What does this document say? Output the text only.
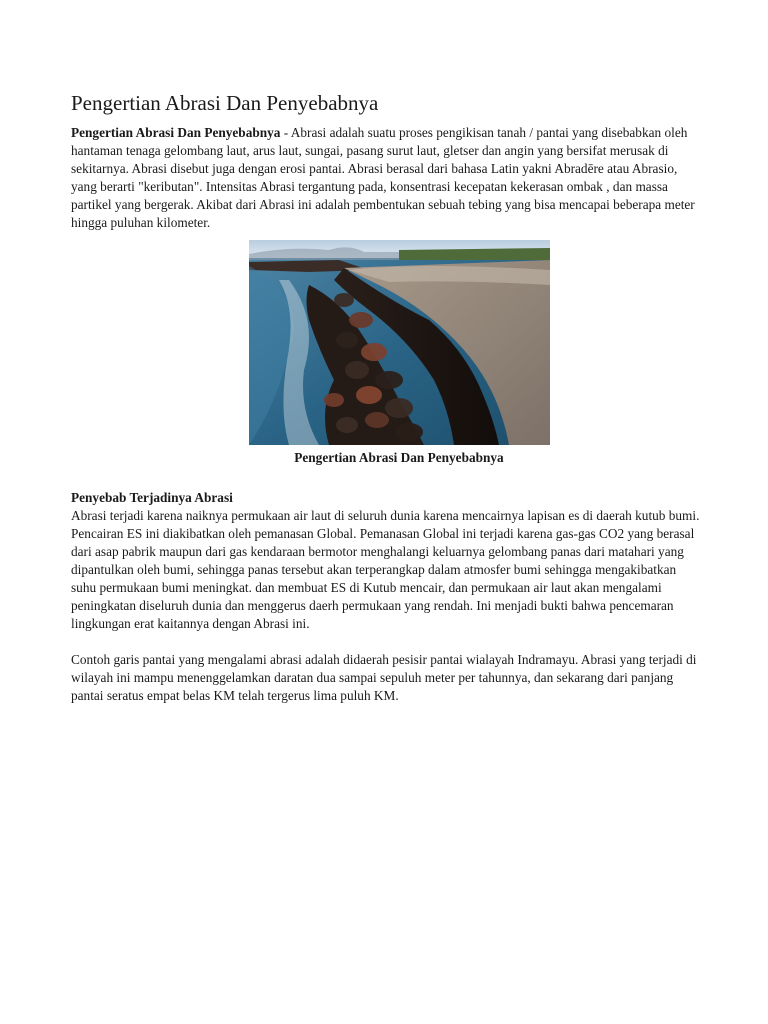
Pengertian Abrasi Dan Penyebabnya

Pengertian Abrasi Dan Penyebabnya - Abrasi adalah suatu proses pengikisan tanah / pantai yang disebabkan oleh hantaman tenaga gelombang laut, arus laut, sungai, pasang surut laut, gletser dan angin yang bersifat merusak di sekitarnya. Abrasi disebut juga dengan erosi pantai. Abrasi berasal dari bahasa Latin yakni Abradēre atau Abrasio, yang berarti "keributan". Intensitas Abrasi tergantung pada, konsentrasi kecepatan kekerasan ombak , dan massa partikel yang bergerak. Akibat dari Abrasi ini adalah pembentukan sebuah tebing yang bisa mencapai beberapa meter hingga puluhan kilometer.

Pengertian Abrasi Dan Penyebabnya
Penyebab Terjadinya Abrasi

Abrasi terjadi karena naiknya permukaan air laut di seluruh dunia karena mencairnya lapisan es di daerah kutub bumi. Pencairan ES ini diakibatkan oleh pemanasan Global. Pemanasan Global ini terjadi karena gas-gas CO2 yang berasal dari asap pabrik maupun dari gas kendaraan bermotor menghalangi keluarnya gelombang panas dari matahari yang dipantulkan oleh bumi, sehingga panas tersebut akan terperangkap dalam atmosfer bumi sehingga mengakibatkan suhu permukaan bumi meningkat. dan membuat ES di Kutub mencair, dan permukaan air laut akan mengalami peningkatan diseluruh dunia dan menggerus daerh permukaan yang rendah. Ini menjadi bukti bahwa pencemaran lingkungan erat kaitannya dengan Abrasi ini.

Contoh garis pantai yang mengalami abrasi adalah didaerah pesisir pantai wialayah Indramayu. Abrasi yang terjadi di wilayah ini mampu menenggelamkan daratan dua sampai sepuluh meter per tahunnya, dan sekarang dari panjang pantai seratus empat belas KM telah tergerus lima puluh KM.
